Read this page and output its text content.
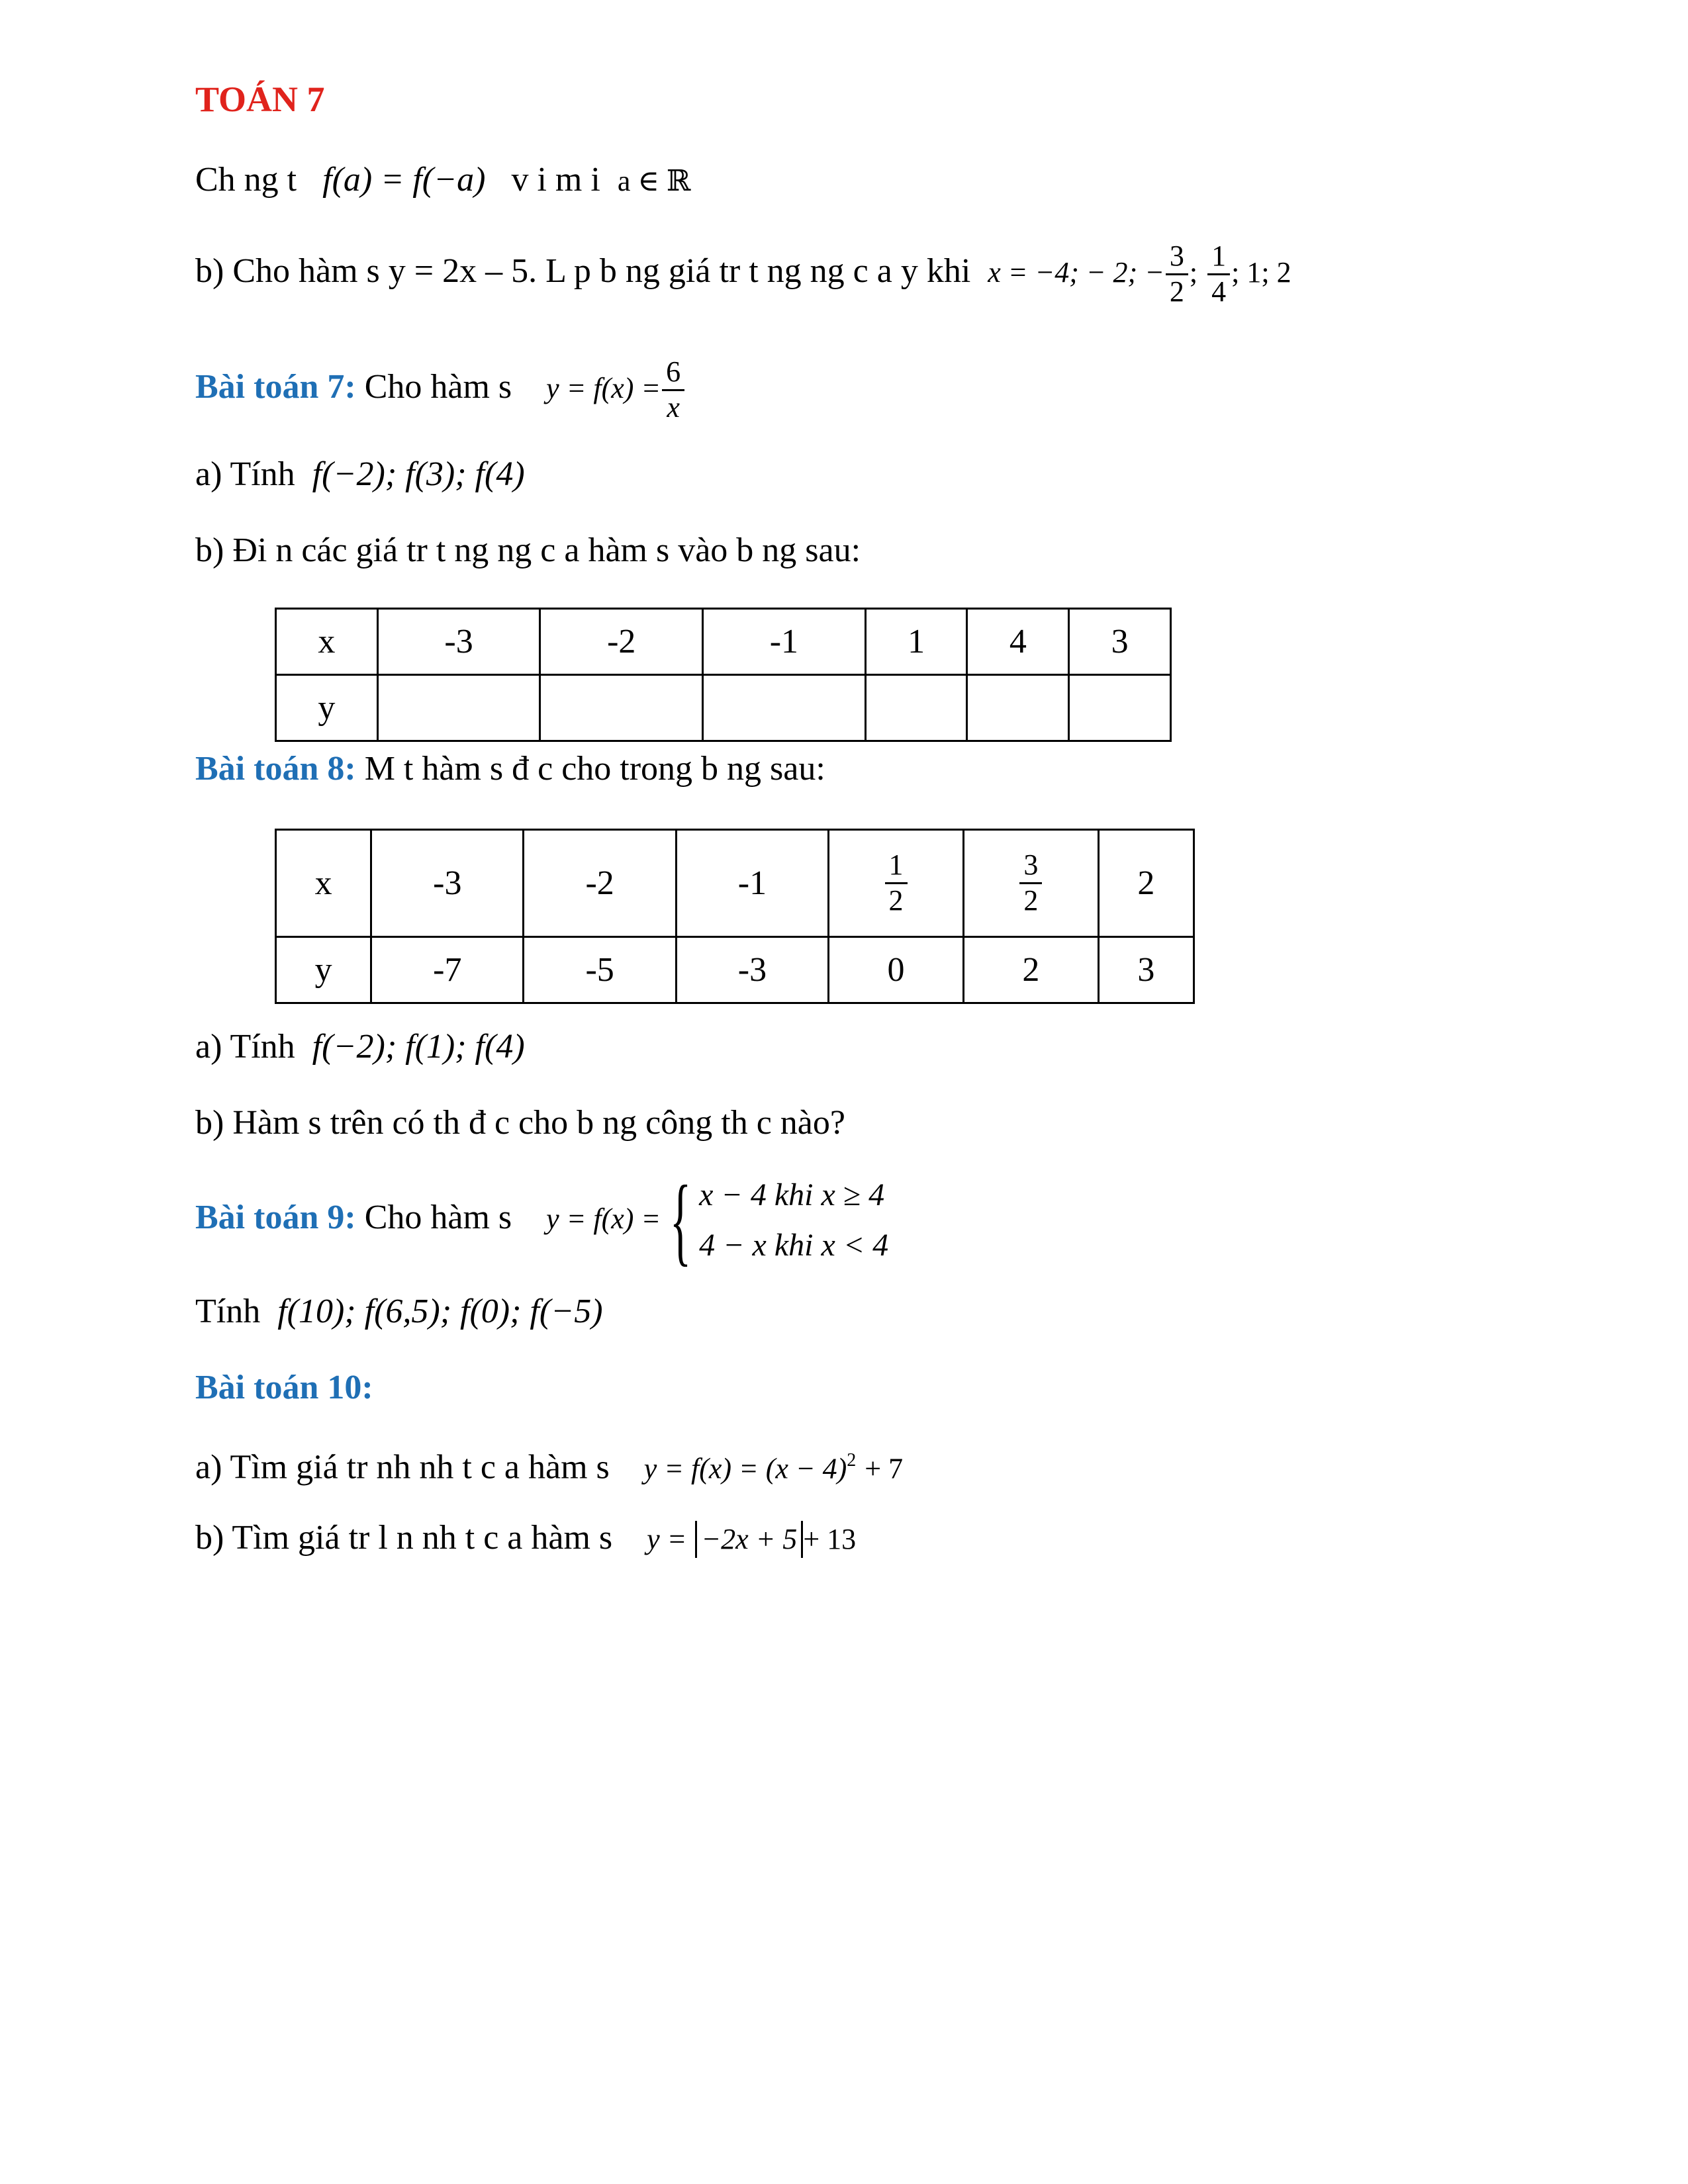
TOÁN 7
Ch ng t f(a) = f(−a) v i m i a ∈ ℝ
b) Cho hàm s y = 2x – 5. L p b ng giá tr t ng ng c a y khi x = −4; − 2; − $\frac{3}{2}$ ; $\frac{1}{4}$ ; 1; 2
Bài toán 7: Cho hàm s $y = f(x) = \frac{6}{x}$
a) Tính f(−2); f(3); f(4)
b) Đi n các giá tr t ng ng c a hàm s vào b ng sau:
x	-3	-2	-1	1	4	3
y						
Bài toán 8: M t hàm s đ c cho trong b ng sau:
x	-3	-2	-1	$\frac{1}{2}$	$\frac{3}{2}$	2
y	-7	-5	-3	0	2	3
a) Tính f(−2); f(1); f(4)
b) Hàm s trên có th đ c cho b ng công th c nào?
Bài toán 9: Cho hàm s y = f(x) ={ x − 4 khi x ≥ 4
4 − x khi x < 4
Tính f(10); f(6,5); f(0); f(−5)
Bài toán 10:
a) Tìm giá tr nh nh t c a hàm s $y = f(x) = (x - 4)^2 + 7$
b) Tìm giá tr l n nh t c a hàm s y = −2x + 5 + 13
